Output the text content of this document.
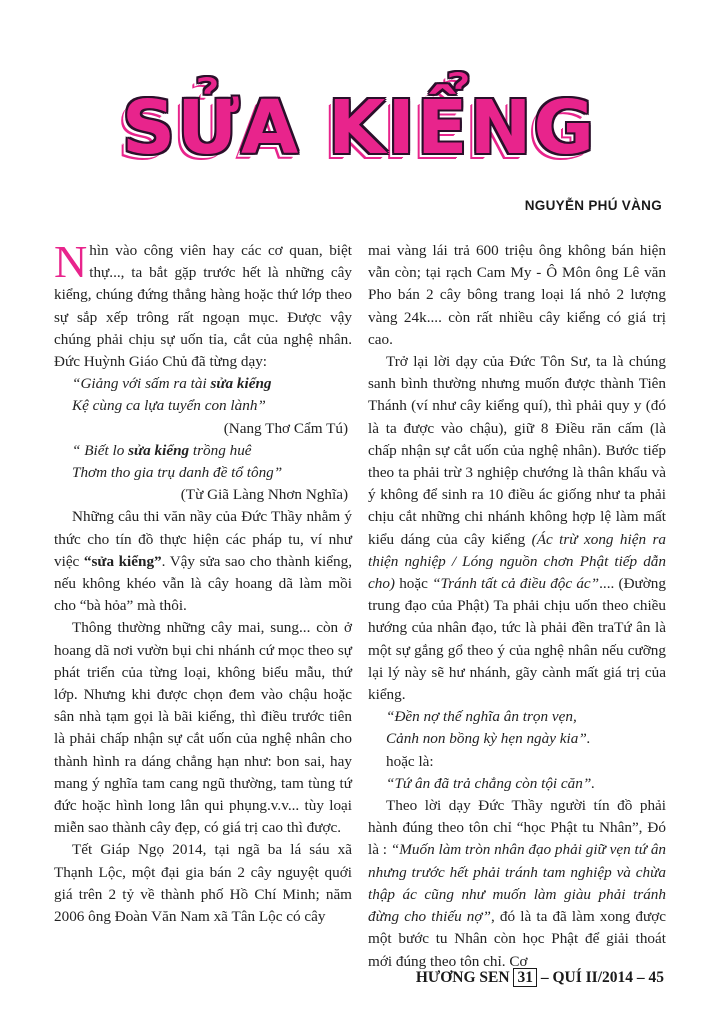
SỬA KIỂNG
NGUYỄN PHÚ VÀNG

Nhìn vào công viên hay các cơ quan, biệt thự..., ta bắt gặp trước hết là những cây kiểng, chúng đứng thẳng hàng hoặc thứ lớp theo sự sắp xếp trông rất ngoạn mục. Được vậy chúng phải chịu sự uốn tỉa, cắt của nghệ nhân. Đức Huỳnh Giáo Chủ đã từng dạy:

“Giảng với sấm ra tài sửa kiểng

Kệ cùng ca lựa tuyển con lành”

(Nang Thơ Cẩm Tú)

“ Biết lo sửa kiểng trồng huê

Thơm tho gia trụ danh đề tổ tông”

(Từ Giã Làng Nhơn Nghĩa)

Những câu thi văn nầy của Đức Thầy nhằm ý thức cho tín đồ thực hiện các pháp tu, ví như việc “sửa kiểng”. Vậy sửa sao cho thành kiểng, nếu không khéo vẫn là cây hoang dã làm mồi cho “bà hỏa” mà thôi.

Thông thường những cây mai, sung... còn ở hoang dã nơi vườn bụi chi nhánh cứ mọc theo sự phát triển của từng loại, không biểu mẫu, thứ lớp. Nhưng khi được chọn đem vào chậu hoặc sân nhà tạm gọi là bãi kiểng, thì điều trước tiên là phải chấp nhận sự cắt uốn của nghệ nhân cho thành hình ra dáng chẳng hạn như: bon sai, hay mang ý nghĩa tam cang ngũ thường, tam tùng tứ đức hoặc hình long lân qui phụng.v.v... tùy loại miễn sao thành cây đẹp, có giá trị cao thì được.

Tết Giáp Ngọ 2014, tại ngã ba lá sáu xã Thạnh Lộc, một đại gia bán 2 cây nguyệt quới giá trên 2 tỷ về thành phố Hồ Chí Minh; năm 2006 ông Đoàn Văn Nam xã Tân Lộc có cây

mai vàng lái trả 600 triệu ông không bán hiện vẫn còn; tại rạch Cam My - Ô Môn ông Lê văn Pho bán 2 cây bông trang loại lá nhỏ 2 lượng vàng 24k.... còn rất nhiều cây kiểng có giá trị cao.

Trở lại lời dạy của Đức Tôn Sư, ta là chúng sanh bình thường nhưng muốn được thành Tiên Thánh (ví như cây kiểng quí), thì phải quy y (đó là ta được vào chậu), giữ 8 Điều răn cấm (là chấp nhận sự cắt uốn của nghệ nhân). Bước tiếp theo ta phải trừ 3 nghiệp chướng là thân khẩu và ý không để sinh ra 10 điều ác giống như ta phải chịu cắt những chi nhánh không hợp lệ làm mất kiểu dáng của cây kiểng (Ác trừ xong hiện ra thiện nghiệp / Lóng nguồn chơn Phật tiếp dẫn cho) hoặc “Tránh tất cả điều độc ác”.... (Đường trung đạo của Phật) Ta phải chịu uốn theo chiều hướng của nhân đạo, tức là phải đền traTứ ân là một sự gắng gổ theo ý của nghệ nhân nếu cưỡng lại lý này sẽ hư nhánh, gãy cành mất giá trị của kiểng.

“Đền nợ thế nghĩa ân trọn vẹn,

Cảnh non bồng kỳ hẹn ngày kia”.

hoặc là:

“Tứ ân đã trả chẳng còn tội căn”.

Theo lời dạy Đức Thầy người tín đồ phải hành đúng theo tôn chỉ “học Phật tu Nhân”, Đó là : “Muốn làm tròn nhân đạo phải giữ vẹn tứ ân nhưng trước hết phải tránh tam nghiệp và chừa thập ác cũng như muốn làm giàu phải tránh đừng cho thiếu nợ”, đó là ta đã làm xong được một bước tu Nhân còn học Phật để giải thoát mới đúng theo tôn chỉ. Cơ

HƯƠNG SEN 31 – QUÍ II/2014 – 45
